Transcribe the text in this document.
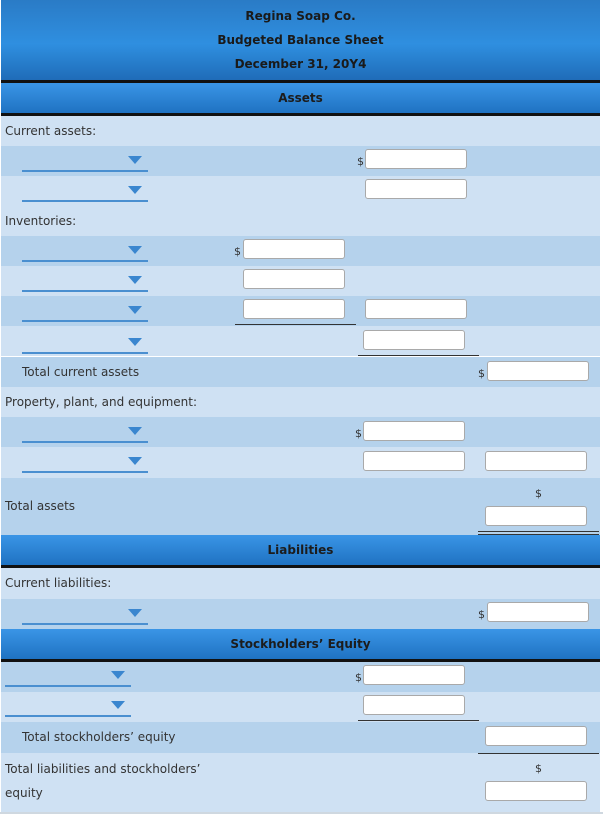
Regina Soap Co.
Budgeted Balance Sheet
December 31, 20Y4
Assets
Current assets:
$
Inventories:
$
Total current assets	$
Property, plant, and equipment:
$
Total assets
$
Liabilities
Current liabilities:
$
Stockholders’ Equity
$
Total stockholders’ equity
Total liabilities and stockholders’
equity
$
